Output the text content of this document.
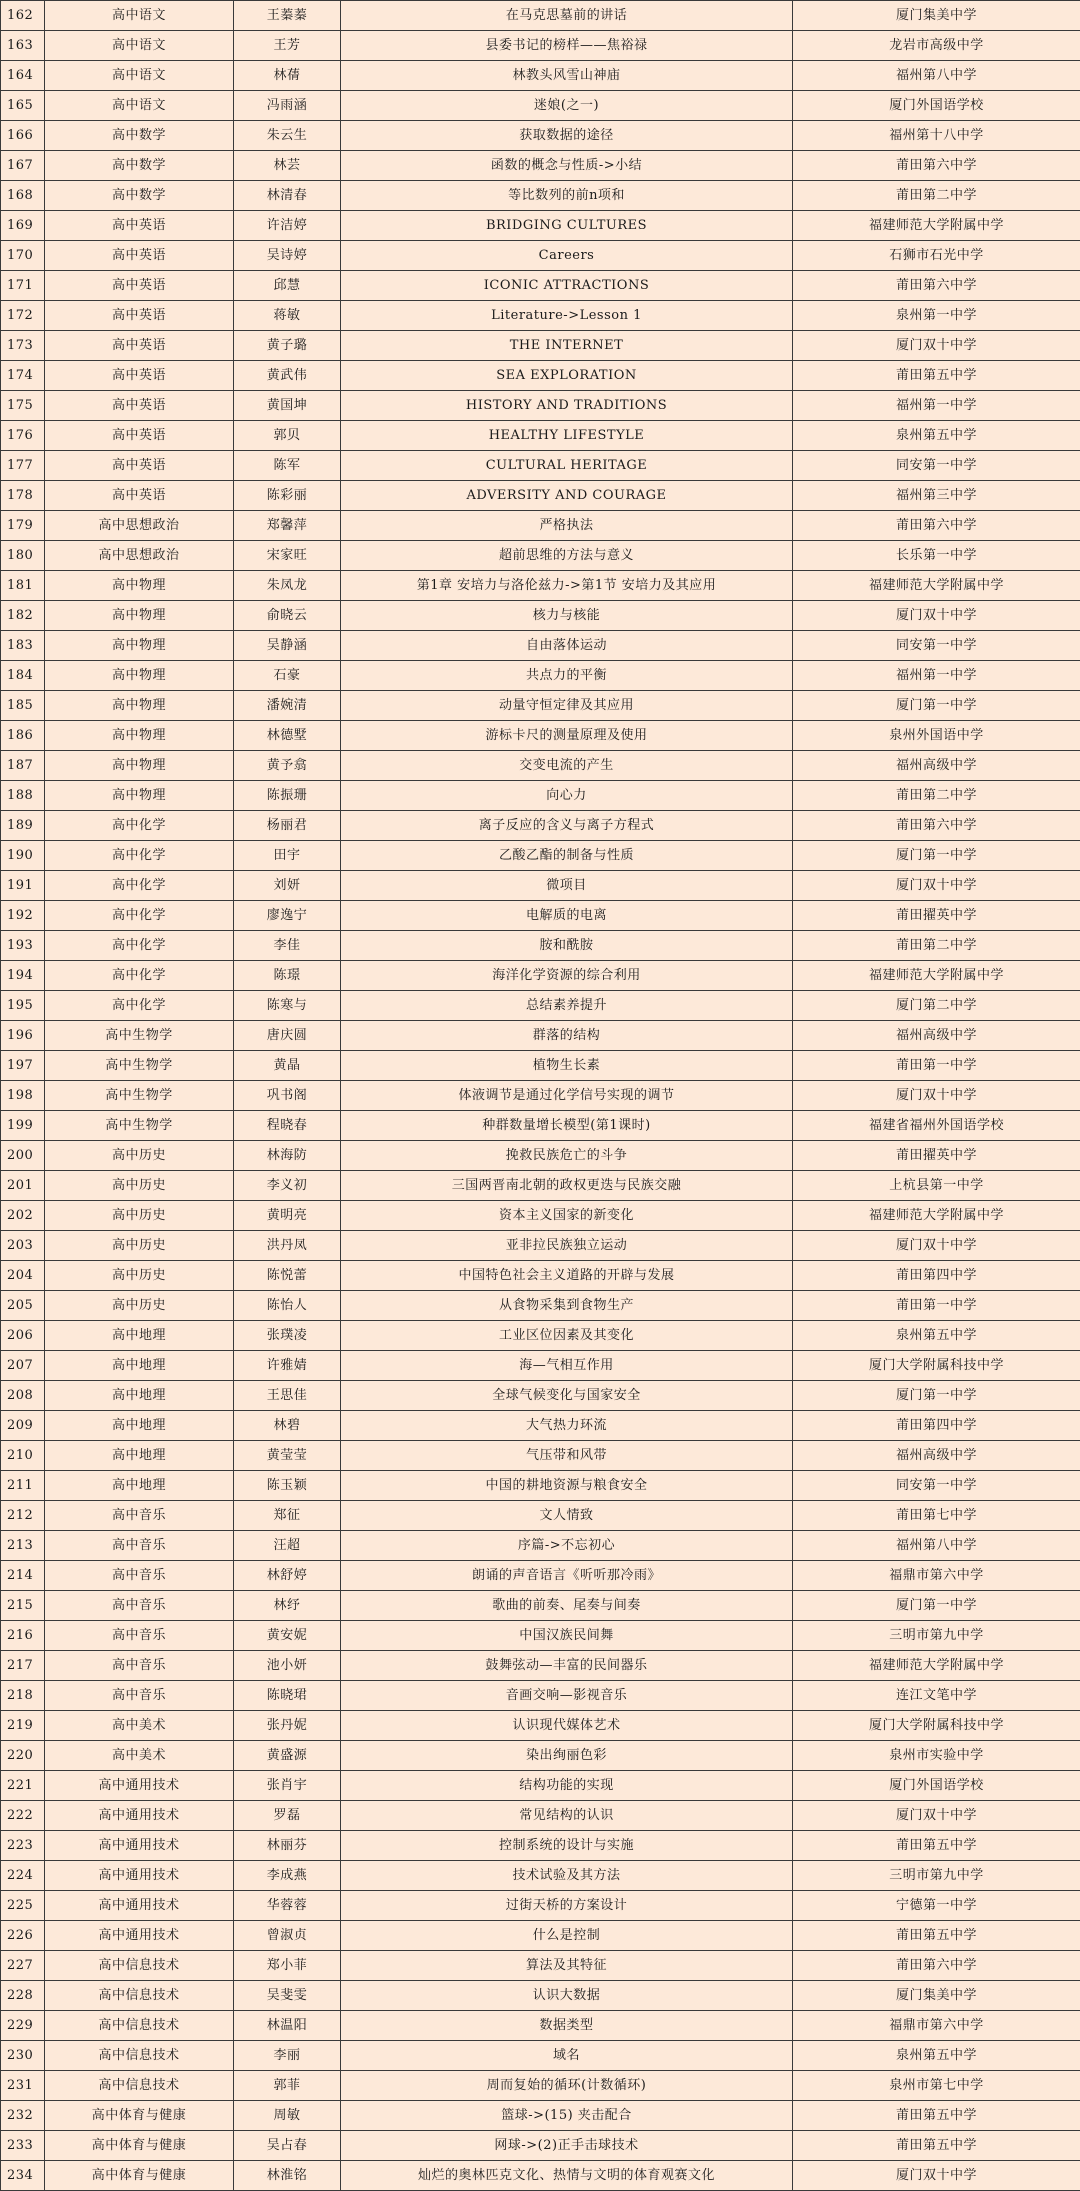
162	高中语文	王蓁蓁	在马克思墓前的讲话	厦门集美中学
163	高中语文	王芳	县委书记的榜样——焦裕禄	龙岩市高级中学
164	高中语文	林蒨	林教头风雪山神庙	福州第八中学
165	高中语文	冯雨涵	迷娘(之一)	厦门外国语学校
166	高中数学	朱云生	获取数据的途径	福州第十八中学
167	高中数学	林芸	函数的概念与性质->小结	莆田第六中学
168	高中数学	林清春	等比数列的前n项和	莆田第二中学
169	高中英语	许洁婷	BRIDGING CULTURES	福建师范大学附属中学
170	高中英语	吴诗婷	Careers	石狮市石光中学
171	高中英语	邱慧	ICONIC ATTRACTIONS	莆田第六中学
172	高中英语	蒋敏	Literature->Lesson 1	泉州第一中学
173	高中英语	黄子璐	THE INTERNET	厦门双十中学
174	高中英语	黄武伟	SEA EXPLORATION	莆田第五中学
175	高中英语	黄国坤	HISTORY AND TRADITIONS	福州第一中学
176	高中英语	郭贝	HEALTHY LIFESTYLE	泉州第五中学
177	高中英语	陈军	CULTURAL HERITAGE	同安第一中学
178	高中英语	陈彩丽	ADVERSITY AND COURAGE	福州第三中学
179	高中思想政治	郑馨萍	严格执法	莆田第六中学
180	高中思想政治	宋家旺	超前思维的方法与意义	长乐第一中学
181	高中物理	朱凤龙	第1章 安培力与洛伦兹力->第1节 安培力及其应用	福建师范大学附属中学
182	高中物理	俞晓云	核力与核能	厦门双十中学
183	高中物理	吴静涵	自由落体运动	同安第一中学
184	高中物理	石豪	共点力的平衡	福州第一中学
185	高中物理	潘婉清	动量守恒定律及其应用	厦门第一中学
186	高中物理	林德墅	游标卡尺的测量原理及使用	泉州外国语中学
187	高中物理	黄予翕	交变电流的产生	福州高级中学
188	高中物理	陈振珊	向心力	莆田第二中学
189	高中化学	杨丽君	离子反应的含义与离子方程式	莆田第六中学
190	高中化学	田宇	乙酸乙酯的制备与性质	厦门第一中学
191	高中化学	刘妍	微项目	厦门双十中学
192	高中化学	廖逸宁	电解质的电离	莆田擢英中学
193	高中化学	李佳	胺和酰胺	莆田第二中学
194	高中化学	陈璟	海洋化学资源的综合利用	福建师范大学附属中学
195	高中化学	陈寒与	总结素养提升	厦门第二中学
196	高中生物学	唐庆圆	群落的结构	福州高级中学
197	高中生物学	黄晶	植物生长素	莆田第一中学
198	高中生物学	巩书阁	体液调节是通过化学信号实现的调节	厦门双十中学
199	高中生物学	程晓春	种群数量增长模型(第1课时)	福建省福州外国语学校
200	高中历史	林海防	挽救民族危亡的斗争	莆田擢英中学
201	高中历史	李义初	三国两晋南北朝的政权更迭与民族交融	上杭县第一中学
202	高中历史	黄明亮	资本主义国家的新变化	福建师范大学附属中学
203	高中历史	洪丹凤	亚非拉民族独立运动	厦门双十中学
204	高中历史	陈悦蕾	中国特色社会主义道路的开辟与发展	莆田第四中学
205	高中历史	陈怡人	从食物采集到食物生产	莆田第一中学
206	高中地理	张璞凌	工业区位因素及其变化	泉州第五中学
207	高中地理	许雅婧	海—气相互作用	厦门大学附属科技中学
208	高中地理	王思佳	全球气候变化与国家安全	厦门第一中学
209	高中地理	林碧	大气热力环流	莆田第四中学
210	高中地理	黄莹莹	气压带和风带	福州高级中学
211	高中地理	陈玉颖	中国的耕地资源与粮食安全	同安第一中学
212	高中音乐	郑征	文人情致	莆田第七中学
213	高中音乐	汪超	序篇->不忘初心	福州第八中学
214	高中音乐	林舒婷	朗诵的声音语言《听听那冷雨》	福鼎市第六中学
215	高中音乐	林纾	歌曲的前奏、尾奏与间奏	厦门第一中学
216	高中音乐	黄安妮	中国汉族民间舞	三明市第九中学
217	高中音乐	池小妍	鼓舞弦动—丰富的民间器乐	福建师范大学附属中学
218	高中音乐	陈晓珺	音画交响—影视音乐	连江文笔中学
219	高中美术	张丹妮	认识现代媒体艺术	厦门大学附属科技中学
220	高中美术	黄盛源	染出绚丽色彩	泉州市实验中学
221	高中通用技术	张肖宇	结构功能的实现	厦门外国语学校
222	高中通用技术	罗磊	常见结构的认识	厦门双十中学
223	高中通用技术	林丽芬	控制系统的设计与实施	莆田第五中学
224	高中通用技术	李成燕	技术试验及其方法	三明市第九中学
225	高中通用技术	华蓉蓉	过街天桥的方案设计	宁德第一中学
226	高中通用技术	曾淑贞	什么是控制	莆田第五中学
227	高中信息技术	郑小菲	算法及其特征	莆田第六中学
228	高中信息技术	吴斐雯	认识大数据	厦门集美中学
229	高中信息技术	林温阳	数据类型	福鼎市第六中学
230	高中信息技术	李丽	域名	泉州第五中学
231	高中信息技术	郭菲	周而复始的循环(计数循环)	泉州市第七中学
232	高中体育与健康	周敏	篮球->(15) 夹击配合	莆田第五中学
233	高中体育与健康	吴占春	网球->(2)正手击球技术	莆田第五中学
234	高中体育与健康	林淮铭	灿烂的奥林匹克文化、热情与文明的体育观赛文化	厦门双十中学
